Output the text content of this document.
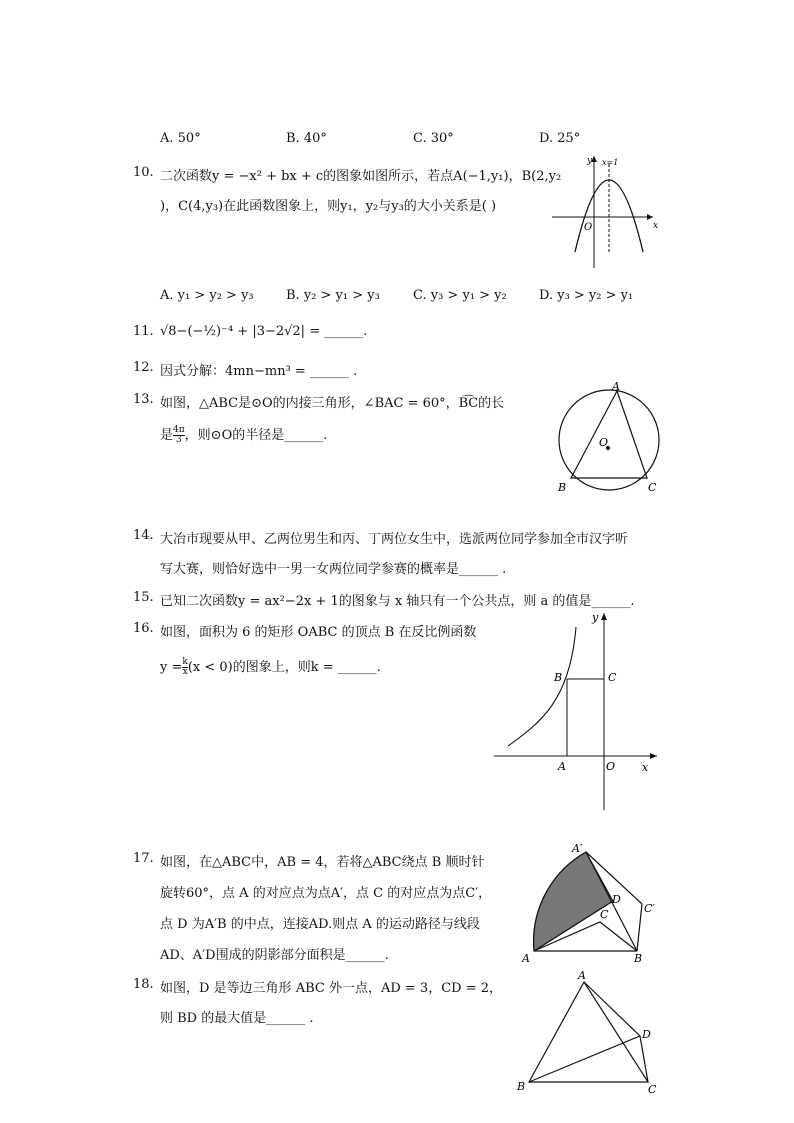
A. 50°	B. 40°	C. 30°	D. 25°
10. 二次函数y = −x² + bx + c的图象如图所示，若点A(−1,y₁)，B(2,y₂
)，C(4,y₃)在此函数图象上，则y₁，y₂与y₃的大小关系是( )
y
x
O
x=1
A. y₁ > y₂ > y₃ B. y₂ > y₁ > y₃	C. y₃ > y₁ > y₂ D. y₃ > y₂ > y₁
11. √8−(−½)⁻⁴ + |3−2√2| = ______.
12. 因式分解：4mn−mn³ = ______ .
13. 如图，△ABC是⊙O的内接三角形，∠BAC = 60°，B͡C的长
是 $\frac{4\pi}{3}$ ，则⊙O的半径是______.
A
B	C
O
14. 大冶市现要从甲、乙两位男生和丙、丁两位女生中，选派两位同学参加全市汉字听
写大赛，则恰好选中一男一女两位同学参赛的概率是______ .
15. 已知二次函数y = ax²−2x + 1的图象与 x 轴只有一个公共点，则 a 的值是______.
16. 如图，面积为 6 的矩形 OABC 的顶点 B 在反比例函数
$y = \frac{k}{x} (x < 0)$的图象上，则k = ______.
y
x
B	C
A	O
17. 如图，在△ABC中，AB = 4，若将△ABC绕点 B 顺时针
旋转60°，点 A 的对应点为点A′，点 C 的对应点为点C′，
点 D 为A′B 的中点，连接AD.则点 A 的运动路径与线段
AD、A′D围成的阴影部分面积是______.
A′
A	B
C	C′
D
18. 如图，D 是等边三角形 ABC 外一点，AD = 3，CD = 2，
则 BD 的最大值是______ .
A
B	C
D
